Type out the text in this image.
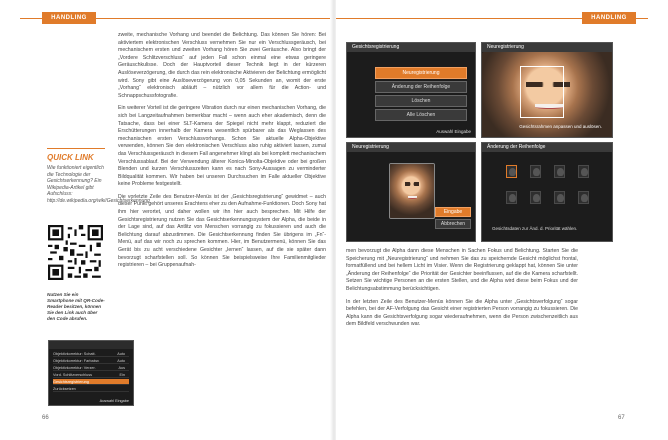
HANDLING

zweite, mechanische Vorhang und beendet die Belichtung. Das können Sie hören: Bei aktiviertem elektronischen Verschluss vernehmen Sie nur ein Verschlussgeräusch, bei mechanischem ersten und zweiten Vorhang hören Sie zwei Geräusche. Also bringt der „Vordere Schlitzverschluss“ auf jeden Fall schon einmal eine etwas geringere Geräuschkulisse. Doch der Hauptvorteil dieser Technik liegt in der kürzeren Auslöseverzögerung, die durch das rein elektronische Aktivieren der Belichtung ermöglicht wird. Sony gibt eine Auslöseverzögerung von 0,05 Sekunden an, womit der erste „Vorhang“ elektronisch abläuft – nützlich vor allem für die Action- und Schnappschussfotografie.

Ein weiterer Vorteil ist die geringere Vibration durch nur einen mechanischen Vorhang, die sich bei Langzeitaufnahmen bemerkbar macht – wenn auch eher akademisch, denn die Tatsache, dass bei einer SLT-Kamera der Spiegel nicht mehr klappt, reduziert die Erschütterungen innerhalb der Kamera wesentlich spürbarer als das Weglassen des mechanischen ersten Verschlussvorhangs. Schon Sie aktuelle Alpha-Objektive verwenden, können Sie den elektronischen Verschluss also ruhig aktiviert lassen, zumal das Verschlussgeräusch in diesem Fall angenehmer klingt als bei komplett mechanischem Verschlussablauf. Bei der Verwendung älterer Konica-Minolta-Objektive oder bei großen Blenden und kurzen Verschlusszeiten kann es nach Sony-Aussagen zu verminderter Bildqualität kommen. Wir haben bei unseren Durchsuchen im Falle aktueller Objektive keine Probleme festgestellt.

Die vorletzte Zeile des Benutzer-Menüs ist der „Gesichtsregistrierung“ gewidmet – auch dieser Punkt gehört unseres Erachtens eher zu den Aufnahme-Funktionen. Doch Sony hat ihm hier verortet, und daher wollen wir ihn hier auch besprechen. Mit Hilfe der Gesichtsregistrierung nutzen Sie das Gesichtserkennungssystem der Alpha, die beide in der Lage sind, auf das Antlitz von Menschen vorrangig zu fokussieren und auch die Belichtung darauf abzustimmen. Die Gesichtserkennung finden Sie übrigens im „Fn“-Menü, auf das wir noch zu sprechen kommen. Hier, im Benutzermenü, können Sie das Gerät bis zu acht verschiedene Gesichter „lernen“ lassen, auf die sie später dann bevorzugt scharfstellen soll. So können Sie beispielsweise Ihre Familienmitglieder registrieren – bei Gruppenaufnah-

QUICK LINK
Wie funktioniert eigentlich die Technologie der Gesichtserkennung? Ein Wikipedia-Artikel gibt Aufschluss: http://de.wikipedia.org/wiki/Gesichtserkennung
Nutzen Sie ein Smartphone mit QR-Code-Reader besitzen, können Sie den Link auch über den Code abrufen.
Objektivkorrektur: Schatt.	Auto
Objektivkorrektur: Farbabw.	Auto
Objektivkorrektur: Verzer.	Aus
Vord. Schlitzverschluss	Ein
Gesichtsregistrierung
Zurücksetzen
Auswahl Eingabe
66
HANDLING
Gesichtsregistrierung
Neuregistrierung
Änderung der Reihenfolge
Löschen
Alle Löschen
Auswahl Eingabe
Neuregistrierung
Gesichtsrahmen anpassen und auslösen.
Neuregistrierung
Eingabe
Abbrechen
Änderung der Reihenfolge
Gesichtsdaten zur Änd. d. Priorität wählen.

men bevorzugt die Alpha dann diese Menschen in Sachen Fokus und Belichtung. Starten Sie die Speicherung mit „Neuregistrierung“ und nehmen Sie das zu speichernde Gesicht möglichst frontal, formatfüllend und bei hellem Licht im Visier. Wenn die Registrierung geklappt hat, können Sie unter „Änderung der Reihenfolge“ die Priorität der Gesichter beeinflussen, auf die die Kamera scharfstellt. Setzen Sie wichtige Personen an die ersten Stellen, und die Alpha wird diese beim Fokus und der Belichtungsabstimmung berücksichtigen.

In der letzten Zeile des Benutzer-Menüs können Sie die Alpha unter „Gesichtsverfolgung“ sogar befehlen, bei der AF-Verfolgung das Gesicht einer registrierten Person vorrangig zu fokussieren. Die Alpha kann die Gesichtsverfolgung sogar wiederaufnehmen, wenn die Person zwischenzeitlich aus dem Bildfeld verschwunden war.

67
